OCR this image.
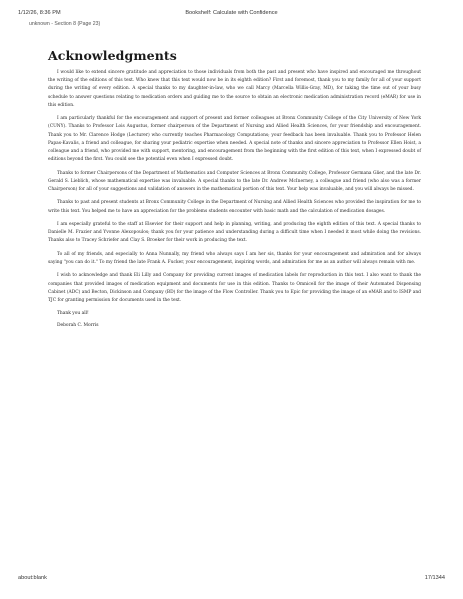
1/12/26, 8:36 PM	Bookshelf: Calculate with Confidence
unknown - Section 8 (Page 23)
Acknowledgments

I would like to extend sincere gratitude and appreciation to those individuals from both the past and present who have inspired and encouraged me throughout the writing of the editions of this text. Who knew that this text would now be in its eighth edition? First and foremost, thank you to my family for all of your support during the writing of every edition. A special thanks to my daughter-in-law, who we call Marcy (Marcella Willis-Gray, MD), for taking the time out of your busy schedule to answer questions relating to medication orders and guiding me to the source to obtain an electronic medication administration record (eMAR) for use in this edition.

I am particularly thankful for the encouragement and support of present and former colleagues at Bronx Community College of the City University of New York (CUNY). Thanks to Professor Lois Augustus, former chairperson of the Department of Nursing and Allied Health Sciences, for your friendship and encouragement. Thank you to Mr. Clarence Hodge (Lecturer) who currently teaches Pharmacology Computations; your feedback has been invaluable. Thank you to Professor Helen Papas-Kavalis, a friend and colleague, for sharing your pediatric expertise when needed. A special note of thanks and sincere appreciation to Professor Ellen Hoist, a colleague and a friend, who provided me with support, mentoring, and encouragement from the beginning with the first edition of this text, when I expressed doubt of editions beyond the first. You could see the potential even when I expressed doubt.

Thanks to former Chairpersons of the Department of Mathematics and Computer Sciences at Bronx Community College, Professor Germana Glier, and the late Dr. Gerald S. Lieblich, whose mathematical expertise was invaluable. A special thanks to the late Dr. Andrew McInerney, a colleague and friend (who also was a former Chairperson) for all of your suggestions and validation of answers in the mathematical portion of this text. Your help was invaluable, and you will always be missed.

Thanks to past and present students at Bronx Community College in the Department of Nursing and Allied Health Sciences who provided the inspiration for me to write this text. You helped me to have an appreciation for the problems students encounter with basic math and the calculation of medication dosages.

I am especially grateful to the staff at Elsevier for their support and help in planning, writing, and producing the eighth edition of this text. A special thanks to Danielle M. Frazier and Yvonne Alexopoulos; thank you for your patience and understanding during a difficult time when I needed it most while doing the revisions. Thanks also to Tracey Schriefer and Clay S. Broeker for their work in producing the text.

To all of my friends, and especially to Anna Nunnally, my friend who always says I am her sis, thanks for your encouragement and admiration and for always saying "you can do it." To my friend the late Frank A. Fucker, your encouragement, inspiring words, and admiration for me as an author will always remain with me.

I wish to acknowledge and thank Eli Lilly and Company for providing current images of medication labels for reproduction in this text. I also want to thank the companies that provided images of medication equipment and documents for use in this edition. Thanks to Omnicell for the image of their Automated Dispensing Cabinet (ADC) and Becton, Dickinson and Company (BD) for the image of the Flow Controller. Thank you to Epic for providing the image of an eMAR and to ISMP and TJC for granting permission for documents used in the text.

Thank you all!

Deborah C. Morris

about:blank	17/1344
